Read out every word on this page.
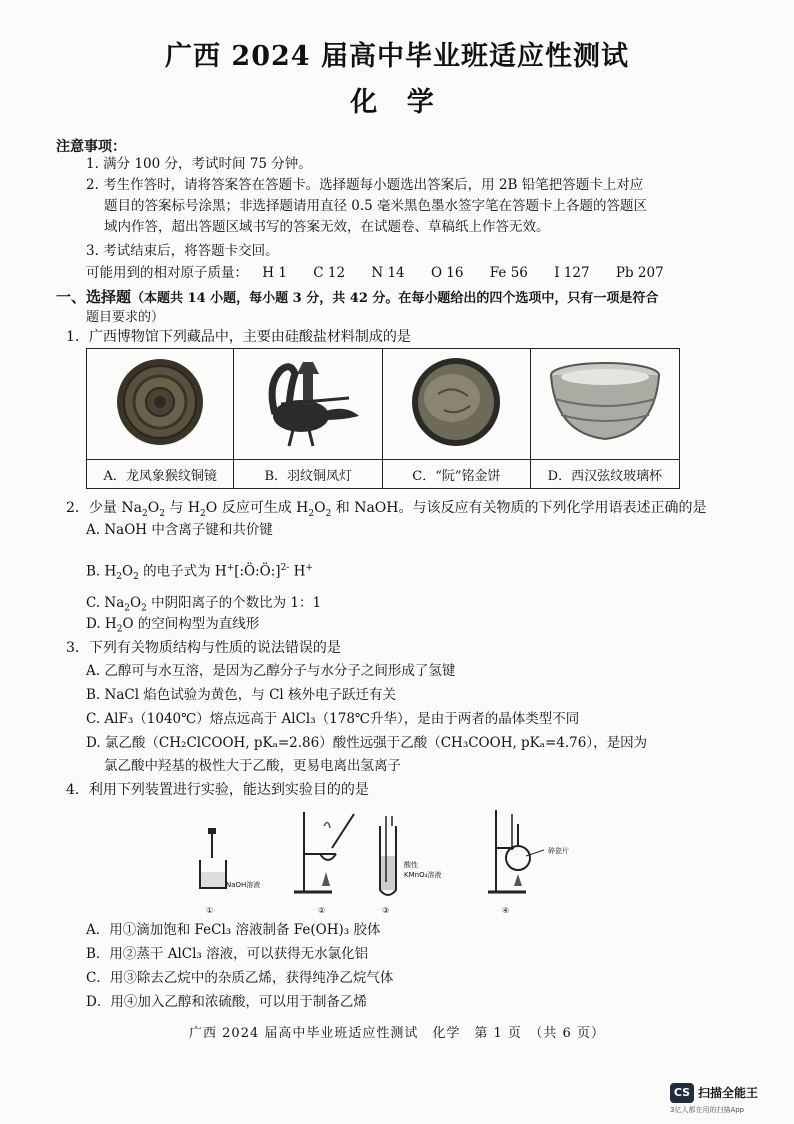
广西 2024 届高中毕业班适应性测试
化 学
注意事项：
1. 满分 100 分，考试时间 75 分钟。
2. 考生作答时，请将答案答在答题卡。选择题每小题选出答案后，用 2B 铅笔把答题卡上对应
题目的答案标号涂黑；非选择题请用直径 0.5 毫米黑色墨水签字笔在答题卡上各题的答题区
域内作答，超出答题区域书写的答案无效，在试题卷、草稿纸上作答无效。
3. 考试结束后，将答题卡交回。
可能用到的相对原子质量： H 1 C 12 N 14 O 16 Fe 56 I 127 Pb 207
一、选择题（本题共 14 小题，每小题 3 分，共 42 分。在每小题给出的四个选项中，只有一项是符合
题目要求的）
1．广西博物馆下列藏品中，主要由硅酸盐材料制成的是

A．龙凤象猴纹铜镜	B．羽纹铜凤灯	C．“阮”铭金饼	D．西汉弦纹玻璃杯
2．少量 $Na_2O_2$ 与 $H_2O$ 反应可生成 $H_2O_2$ 和 NaOH。与该反应有关物质的下列化学用语表述正确的是
A. NaOH 中含离子键和共价键
B. $H_2O_2$ 的电子式为 H+[:Ö:Ö:]$^{2-}$ H+
C. $Na_2O_2$ 中阴阳离子的个数比为 1：1
D. $H_2O$ 的空间构型为直线形
3．下列有关物质结构与性质的说法错误的是
A. 乙醇可与水互溶，是因为乙醇分子与水分子之间形成了氢键
B. NaCl 焰色试验为黄色，与 Cl 核外电子跃迁有关
C. AlF₃（1040℃）熔点远高于 AlCl₃（178℃升华），是由于两者的晶体类型不同
D. 氯乙酸（CH₂ClCOOH, pKₐ=2.86）酸性远强于乙酸（CH₃COOH, pKₐ=4.76），是因为
氯乙酸中羟基的极性大于乙酸，更易电离出氢离子
4．利用下列装置进行实验，能达到实验目的的是
NaOH溶液
①	②
酸性
KMnO₄溶液
③
碎瓷片
④
A．用①滴加饱和 FeCl₃ 溶液制备 Fe(OH)₃ 胶体
B．用②蒸干 AlCl₃ 溶液，可以获得无水氯化铝
C．用③除去乙烷中的杂质乙烯，获得纯净乙烷气体
D．用④加入乙醇和浓硫酸，可以用于制备乙烯
广西 2024 届高中毕业班适应性测试　化学　第 1 页　（共 6 页）
CS 扫描全能王
3亿人都在用的扫描App
